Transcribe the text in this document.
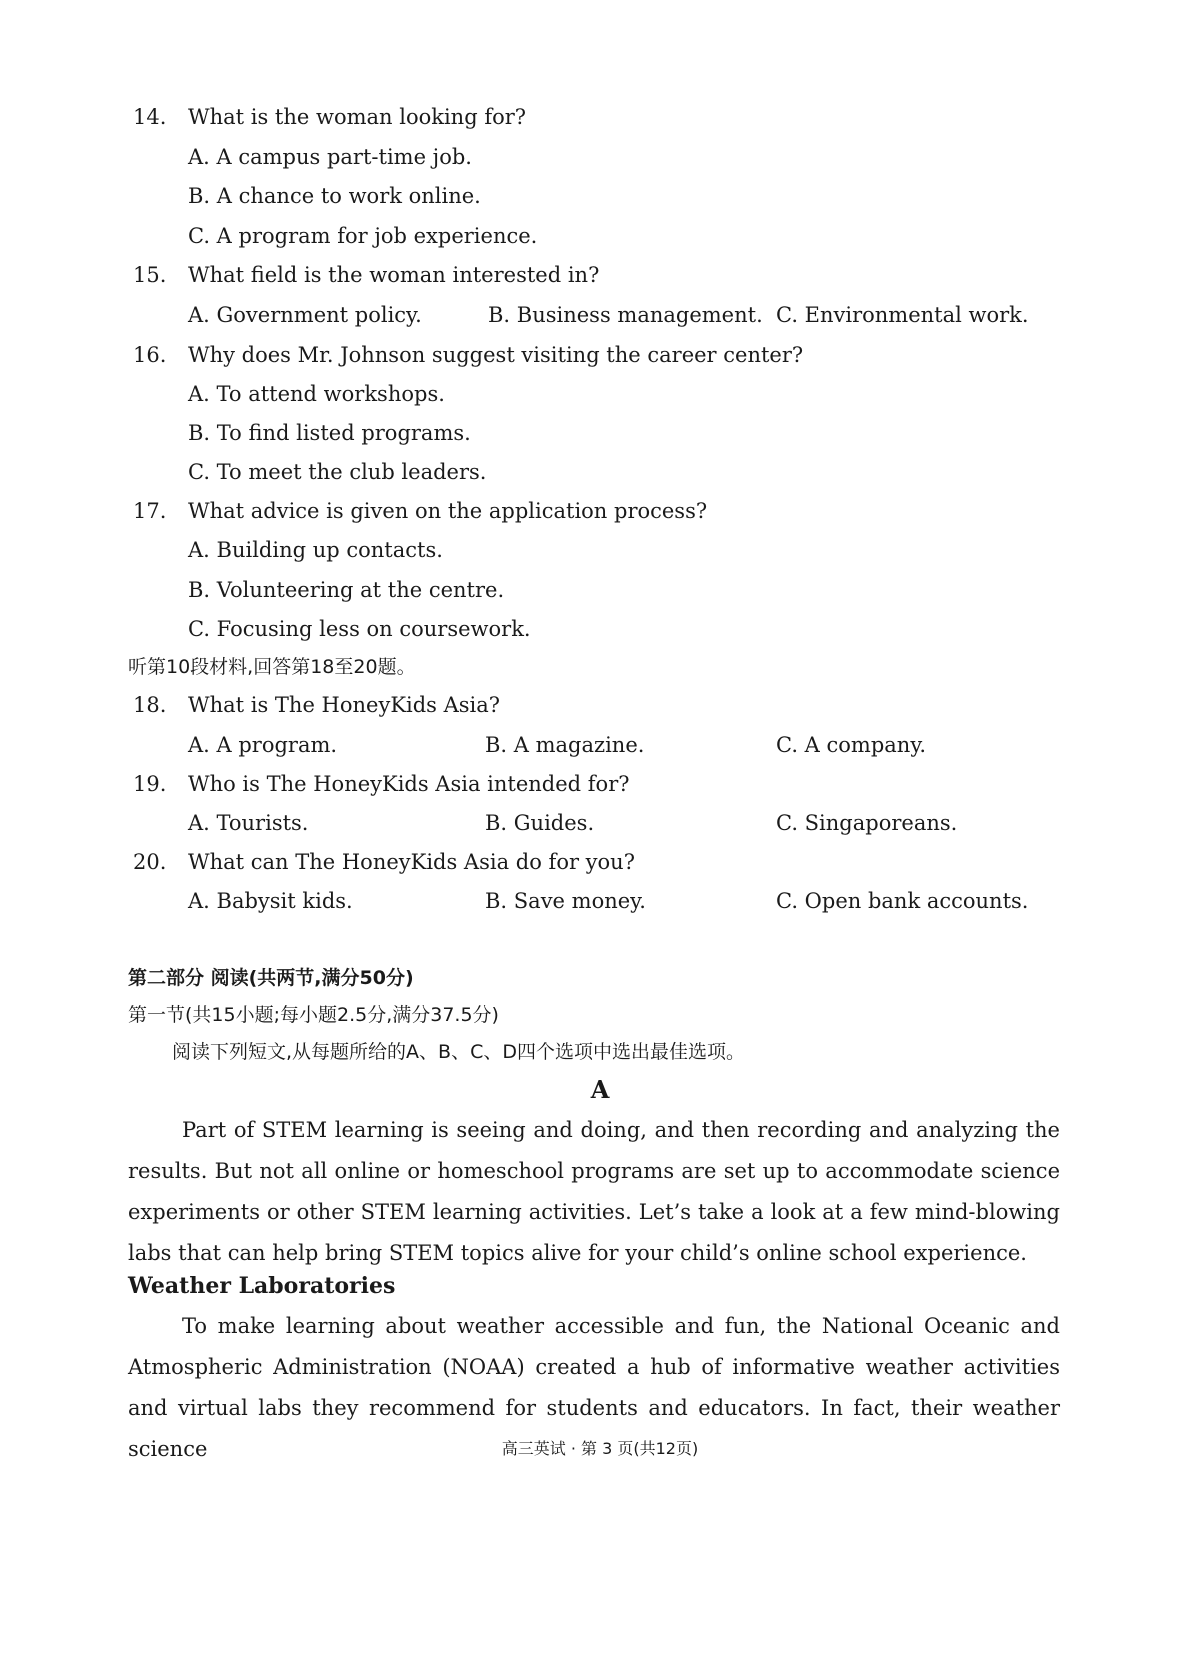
14. What is the woman looking for?
A. A campus part-time job.
B. A chance to work online.
C. A program for job experience.
15. What field is the woman interested in?
A. Government policy.	B. Business management. C. Environmental work.
16. Why does Mr. Johnson suggest visiting the career center?
A. To attend workshops.
B. To find listed programs.
C. To meet the club leaders.
17. What advice is given on the application process?
A. Building up contacts.
B. Volunteering at the centre.
C. Focusing less on coursework.
听第10段材料,回答第18至20题。
18. What is The HoneyKids Asia?
A. A program.	B. A magazine.	C. A company.
19. Who is The HoneyKids Asia intended for?
A. Tourists.	B. Guides.	C. Singaporeans.
20. What can The HoneyKids Asia do for you?
A. Babysit kids.	B. Save money.	C. Open bank accounts.
第二部分 阅读(共两节,满分50分)
第一节(共15小题;每小题2.5分,满分37.5分)
阅读下列短文,从每题所给的A、B、C、D四个选项中选出最佳选项。
A

Part of STEM learning is seeing and doing, and then recording and analyzing the results. But not all online or homeschool programs are set up to accommodate science experiments or other STEM learning activities. Let’s take a look at a few mind-blowing labs that can help bring STEM topics alive for your child’s online school experience.

Weather Laboratories

To make learning about weather accessible and fun, the National Oceanic and Atmospheric Administration (NOAA) created a hub of informative weather activities and virtual labs they recommend for students and educators. In fact, their weather science	高三英试 · 第 3 页(共12页)
